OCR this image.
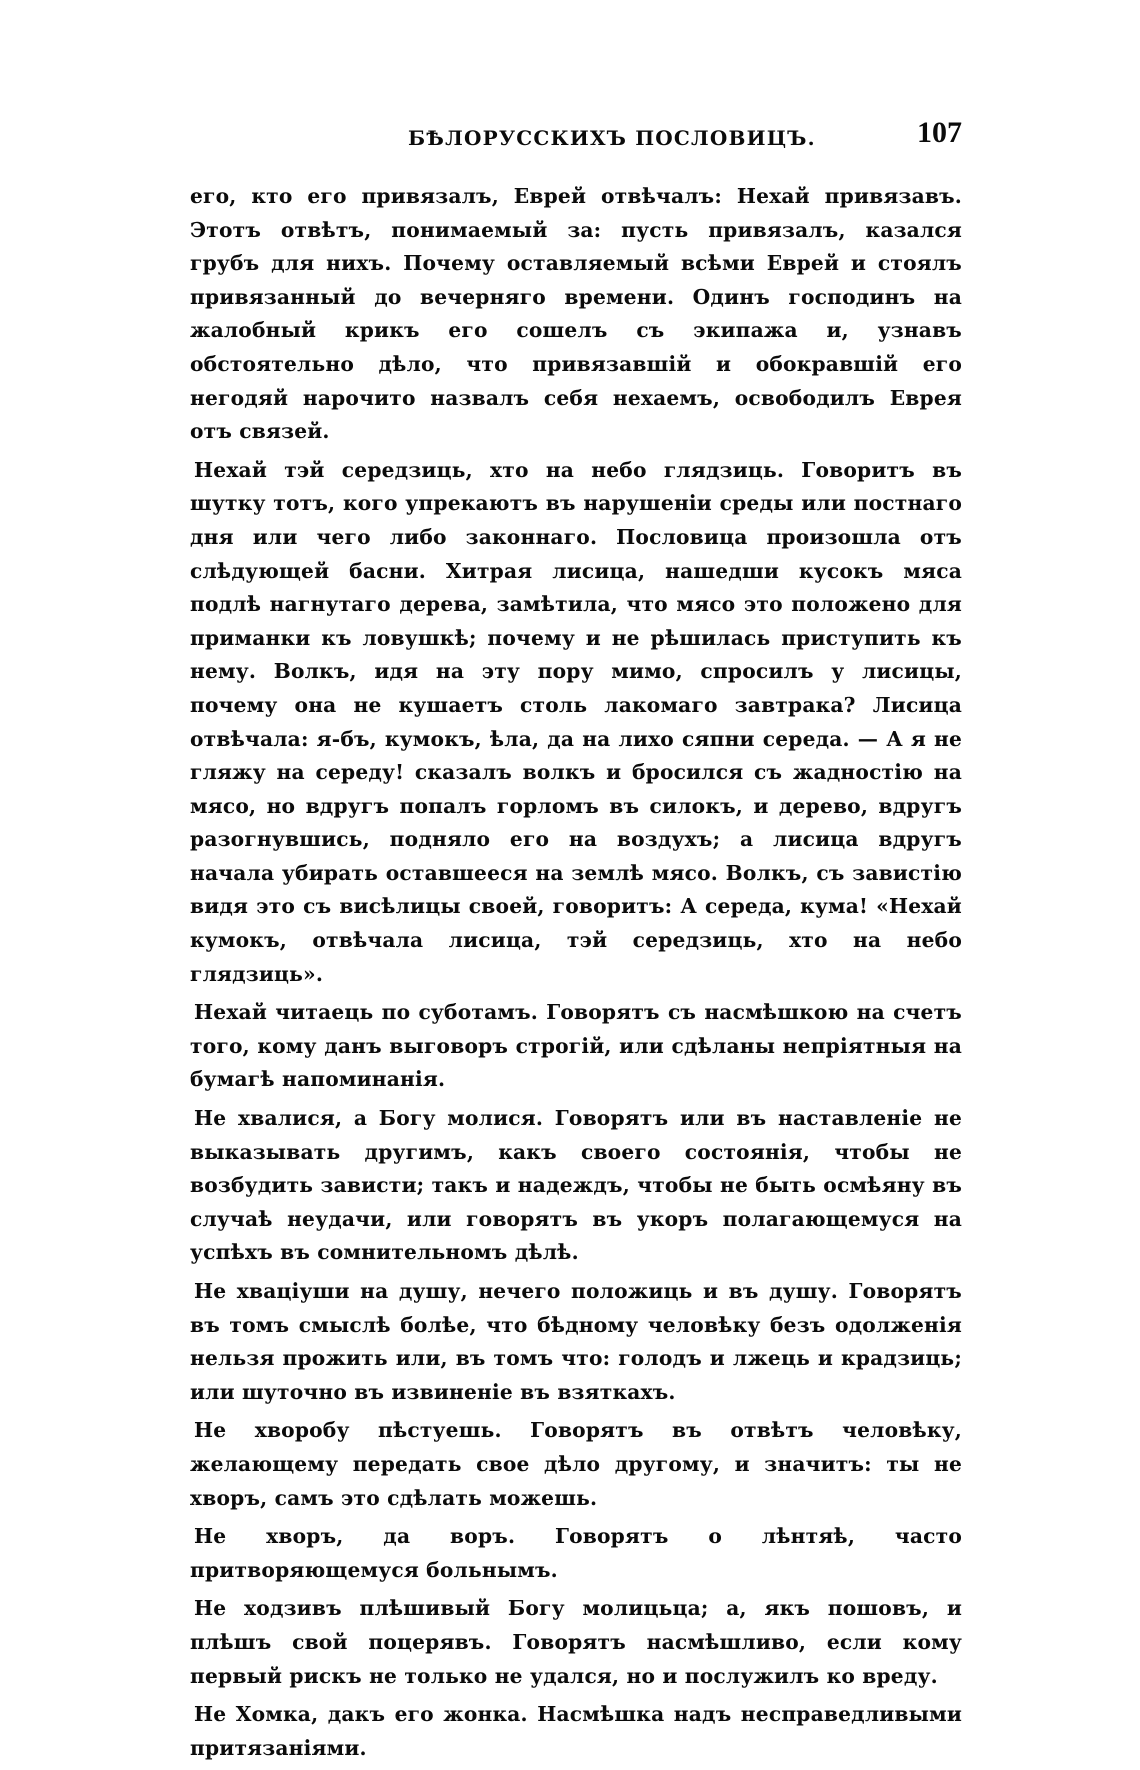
БѢЛОРУССКИХЪ ПОСЛОВИЦЪ.	107

его, кто его привязалъ, Еврей отвѣчалъ: Нехай привязавъ. Этотъ отвѣтъ, понимаемый за: пусть привязалъ, казался грубъ для нихъ. Почему оставляемый всѣми Еврей и стоялъ привязанный до вечерняго времени. Одинъ господинъ на жалобный крикъ его сошелъ съ экипажа и, узнавъ обстоятельно дѣло, что привязавшій и обокравшій его негодяй нарочито назвалъ себя нехаемъ, освободилъ Еврея отъ связей.

Нехай тэй середзиць, хто на небо глядзиць. Говоритъ въ шутку тотъ, кого упрекаютъ въ нарушеніи среды или постнаго дня или чего либо законнаго. Пословица произошла отъ слѣдующей басни. Хитрая лисица, нашедши кусокъ мяса подлѣ нагнутаго дерева, замѣтила, что мясо это положено для приманки къ ловушкѣ; почему и не рѣшилась приступить къ нему. Волкъ, идя на эту пору мимо, спросилъ у лисицы, почему она не кушаетъ столь лакомаго завтрака? Лисица отвѣчала: я-бъ, кумокъ, ѣла, да на лихо сяпни середа. — А я не гляжу на середу! сказалъ волкъ и бросился съ жадностію на мясо, но вдругъ попалъ горломъ въ силокъ, и дерево, вдругъ разогнувшись, подняло его на воздухъ; а лисица вдругъ начала убирать оставшееся на землѣ мясо. Волкъ, съ завистію видя это съ висѣлицы своей, говоритъ: А середа, кума! «Нехай кумокъ, отвѣчала лисица, тэй середзиць, хто на небо глядзиць».

Нехай читаець по суботамъ. Говорятъ съ насмѣшкою на счетъ того, кому данъ выговоръ строгій, или сдѣланы непріятныя на бумагѣ напоминанія.

Не хвалися, а Богу молися. Говорятъ или въ наставленіе не выказывать другимъ, какъ своего состоянія, чтобы не возбудить зависти; такъ и надеждъ, чтобы не быть осмѣяну въ случаѣ неудачи, или говорятъ въ укоръ полагающемуся на успѣхъ въ сомнительномъ дѣлѣ.

Не хваціуши на душу, нечего положиць и въ душу. Говорятъ въ томъ смыслѣ болѣе, что бѣдному человѣку безъ одолженія нельзя прожить или, въ томъ что: голодъ и лжець и крадзиць; или шуточно въ извиненіе въ взяткахъ.

Не хворобу пѣстуешь. Говорятъ въ отвѣтъ человѣку, желающему передать свое дѣло другому, и значитъ: ты не хворъ, самъ это сдѣлать можешь.

Не хворъ, да воръ. Говорятъ о лѣнтяѣ, часто притворяющемуся больнымъ.

Не ходзивъ плѣшивый Богу молицьца; а, якъ пошовъ, и плѣшъ свой поцерявъ. Говорятъ насмѣшливо, если кому первый рискъ не только не удался, но и послужилъ ко вреду.

Не Хомка, дакъ его жонка. Насмѣшка надъ несправедливыми притязаніями.
